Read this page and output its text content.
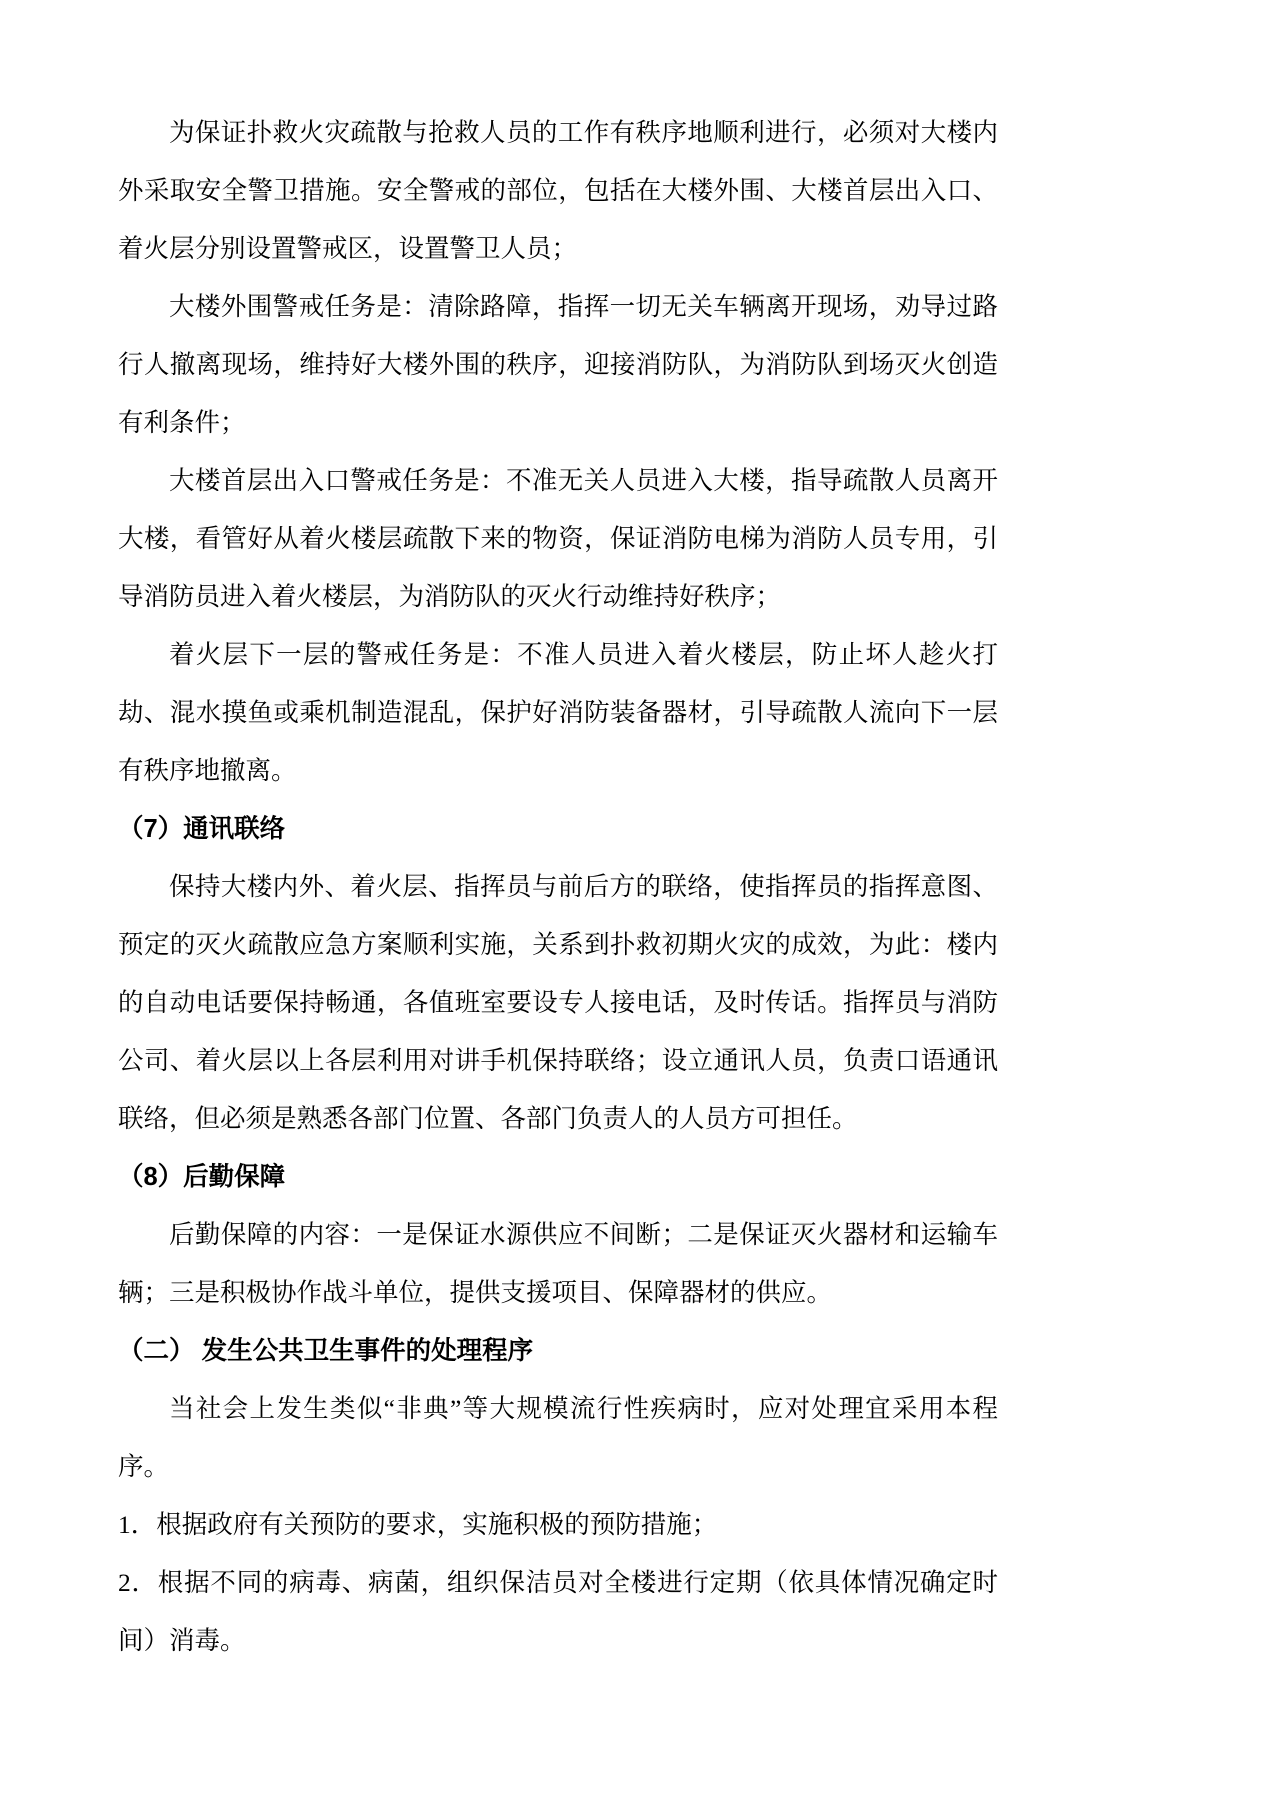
为保证扑救火灾疏散与抢救人员的工作有秩序地顺利进行，必须对大楼内外采取安全警卫措施。安全警戒的部位，包括在大楼外围、大楼首层出入口、着火层分别设置警戒区，设置警卫人员；

大楼外围警戒任务是：清除路障，指挥一切无关车辆离开现场，劝导过路行人撤离现场，维持好大楼外围的秩序，迎接消防队，为消防队到场灭火创造有利条件；

大楼首层出入口警戒任务是：不准无关人员进入大楼，指导疏散人员离开大楼，看管好从着火楼层疏散下来的物资，保证消防电梯为消防人员专用，引导消防员进入着火楼层，为消防队的灭火行动维持好秩序；

着火层下一层的警戒任务是：不准人员进入着火楼层，防止坏人趁火打劫、混水摸鱼或乘机制造混乱，保护好消防装备器材，引导疏散人流向下一层有秩序地撤离。

（7）通讯联络

保持大楼内外、着火层、指挥员与前后方的联络，使指挥员的指挥意图、预定的灭火疏散应急方案顺利实施，关系到扑救初期火灾的成效，为此：楼内的自动电话要保持畅通，各值班室要设专人接电话，及时传话。指挥员与消防公司、着火层以上各层利用对讲手机保持联络；设立通讯人员，负责口语通讯联络，但必须是熟悉各部门位置、各部门负责人的人员方可担任。

（8）后勤保障

后勤保障的内容：一是保证水源供应不间断；二是保证灭火器材和运输车辆；三是积极协作战斗单位，提供支援项目、保障器材的供应。

（二） 发生公共卫生事件的处理程序

当社会上发生类似“非典”等大规模流行性疾病时，应对处理宜采用本程序。

1．根据政府有关预防的要求，实施积极的预防措施；

2．根据不同的病毒、病菌，组织保洁员对全楼进行定期（依具体情况确定时间）消毒。
